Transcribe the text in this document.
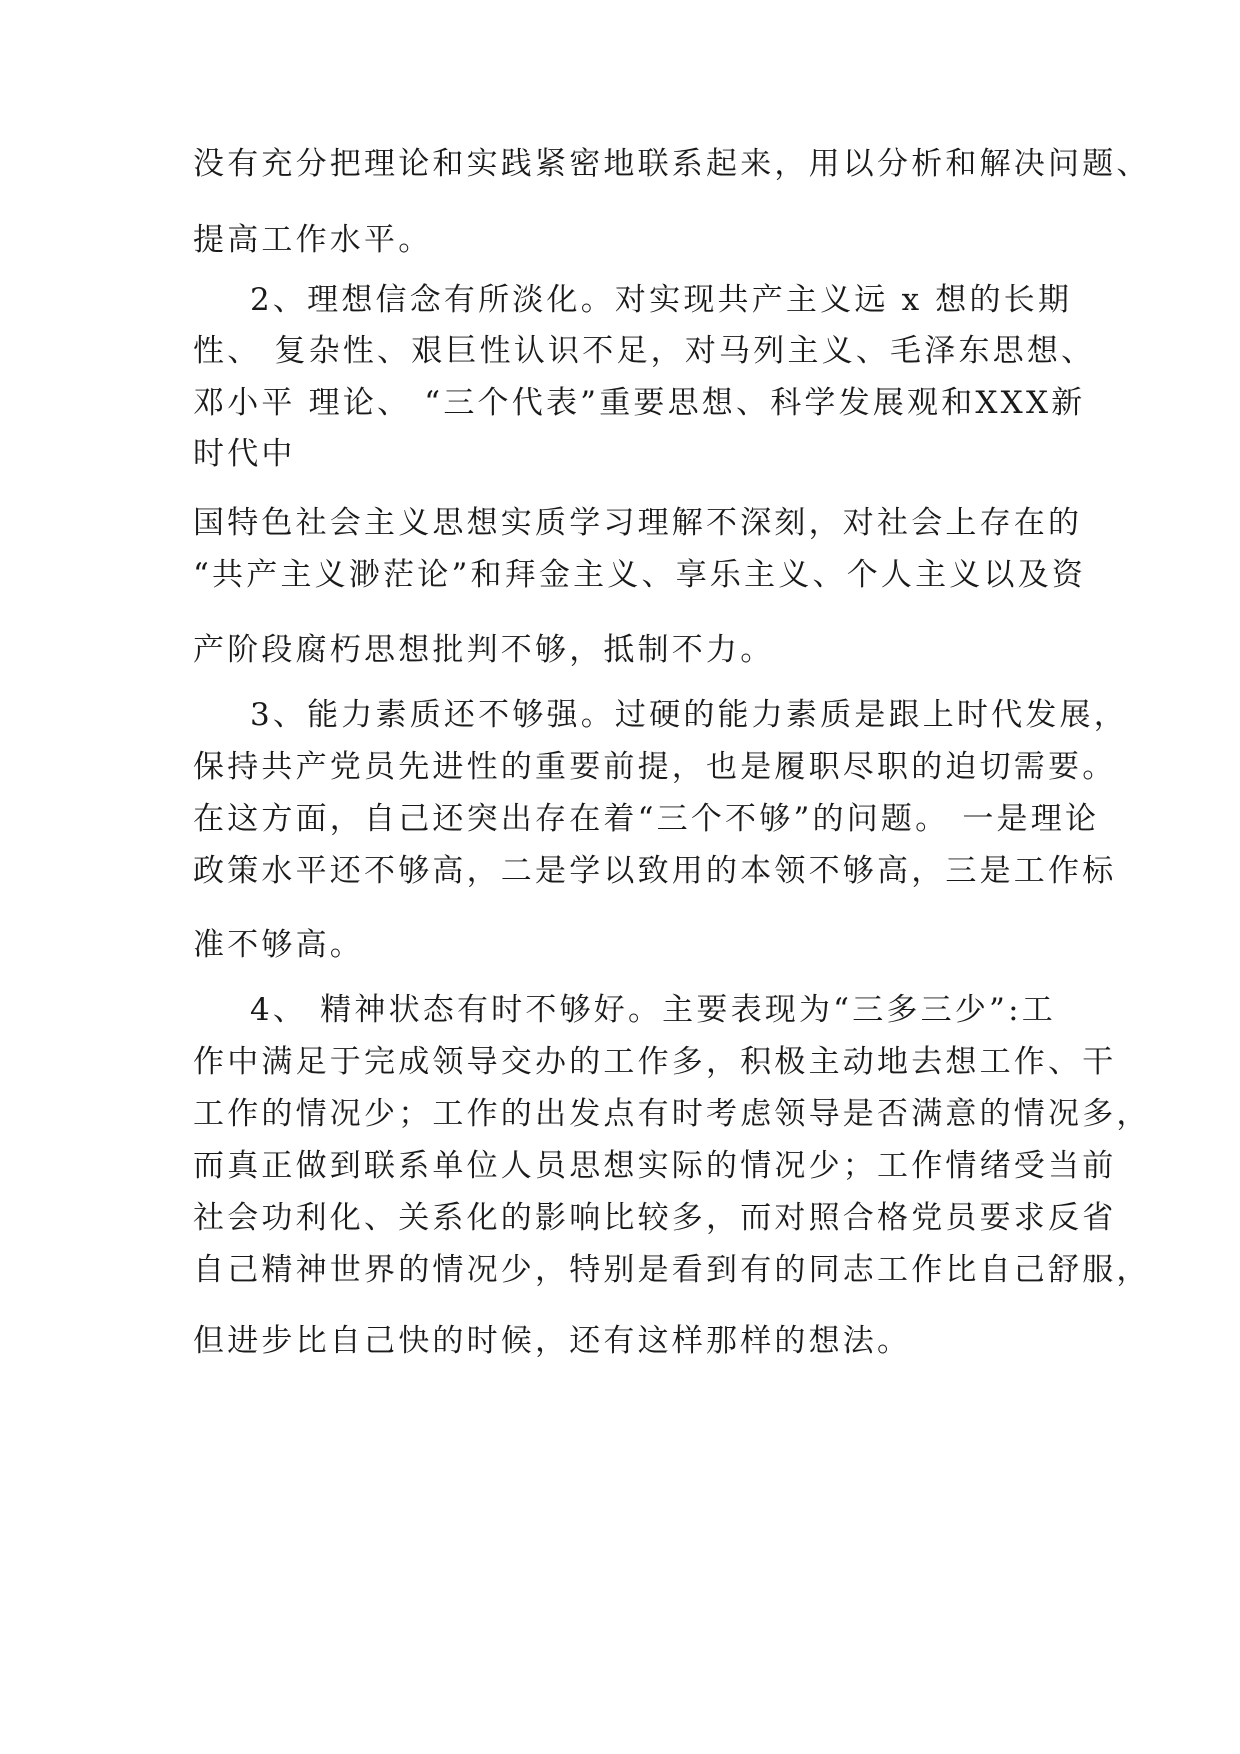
没有充分把理论和实践紧密地联系起来，用以分析和解决问题、
提高工作水平。
2、理想信念有所淡化。对实现共产主义远 x 想的长期
性、 复杂性、艰巨性认识不足，对马列主义、毛泽东思想、
邓小平 理论、 “三个代表”重要思想、科学发展观和XXX新
时代中
国特色社会主义思想实质学习理解不深刻，对社会上存在的
“共产主义渺茫论”和拜金主义、享乐主义、个人主义以及资
产阶段腐朽思想批判不够，抵制不力。
3、能力素质还不够强。过硬的能力素质是跟上时代发展，
保持共产党员先进性的重要前提，也是履职尽职的迫切需要。
在这方面，自己还突出存在着“三个不够”的问题。 一是理论
政策水平还不够高，二是学以致用的本领不够高，三是工作标
准不够高。
4、 精神状态有时不够好。主要表现为“三多三少”:工
作中满足于完成领导交办的工作多，积极主动地去想工作、干
工作的情况少；工作的出发点有时考虑领导是否满意的情况多，
而真正做到联系单位人员思想实际的情况少；工作情绪受当前
社会功利化、关系化的影响比较多，而对照合格党员要求反省
自己精神世界的情况少，特别是看到有的同志工作比自己舒服，
但进步比自己快的时候，还有这样那样的想法。
